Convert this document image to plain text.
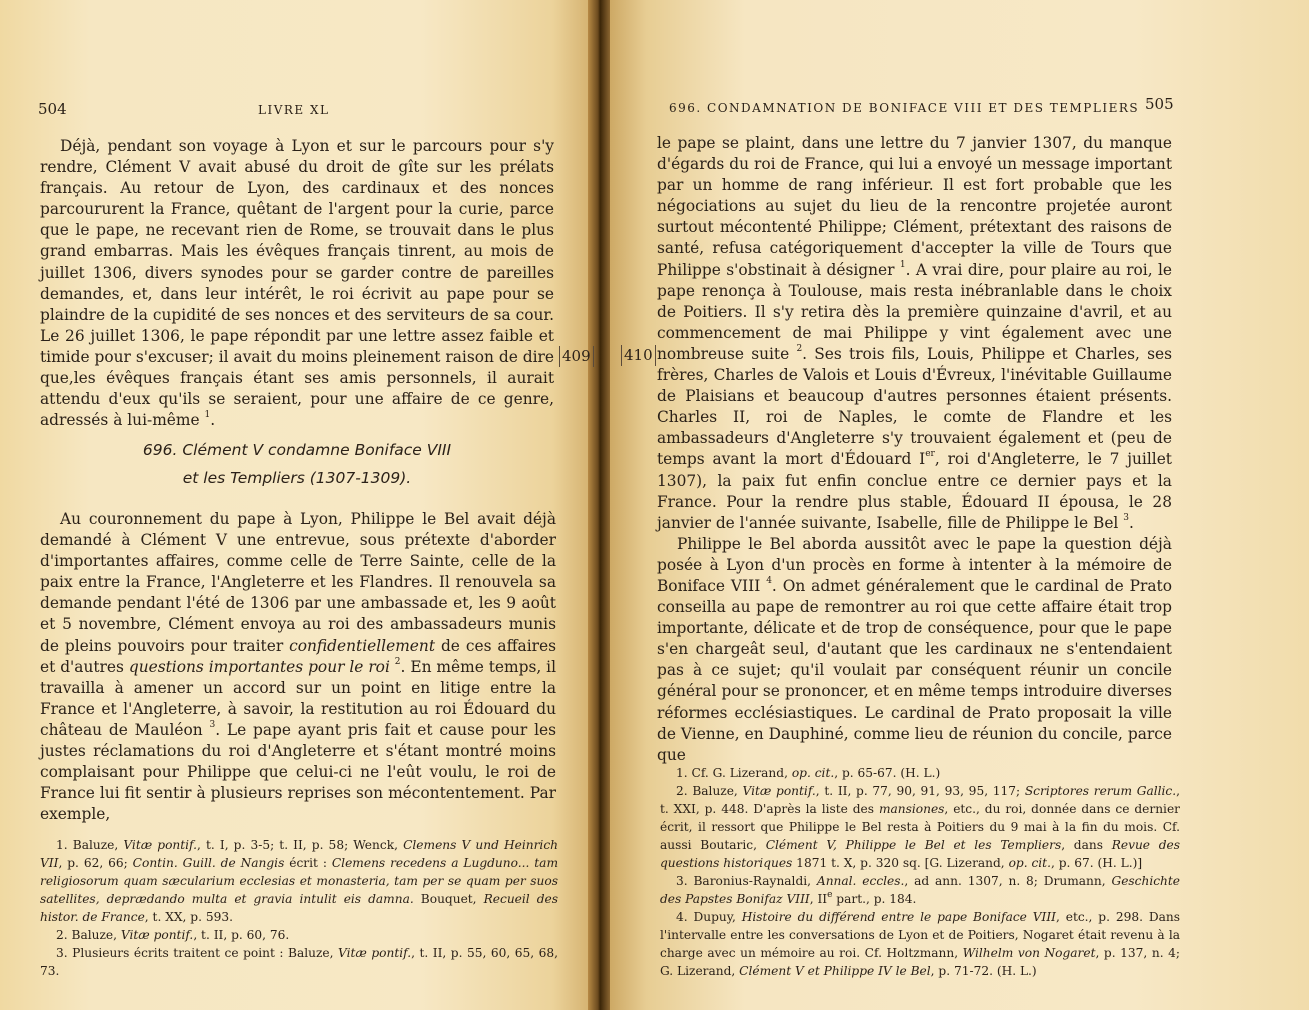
504	LIVRE XL

Déjà, pendant son voyage à Lyon et sur le parcours pour s'y rendre, Clément V avait abusé du droit de gîte sur les prélats français. Au retour de Lyon, des cardinaux et des nonces parcoururent la France, quêtant de l'argent pour la curie, parce que le pape, ne recevant rien de Rome, se trouvait dans le plus grand embarras. Mais les évêques français tinrent, au mois de juillet 1306, divers synodes pour se garder contre de pareilles demandes, et, dans leur intérêt, le roi écrivit au pape pour se plaindre de la cupidité de ses nonces et des serviteurs de sa cour. Le 26 juillet 1306, le pape répondit par une lettre assez faible et timide pour s'excuser; il avait du moins pleinement raison de dire que,les évêques français étant ses amis personnels, il aurait attendu d'eux qu'ils se seraient, pour une affaire de ce genre, adressés à lui-même $^1$.

409
696. Clément V condamne Boniface VIII
et les Templiers (1307-1309).

Au couronnement du pape à Lyon, Philippe le Bel avait déjà demandé à Clément V une entrevue, sous prétexte d'aborder d'importantes affaires, comme celle de Terre Sainte, celle de la paix entre la France, l'Angleterre et les Flandres. Il renouvela sa demande pendant l'été de 1306 par une ambassade et, les 9 août et 5 novembre, Clément envoya au roi des ambassadeurs munis de pleins pouvoirs pour traiter confidentiellement de ces affaires et d'autres questions importantes pour le roi $^2$. En même temps, il travailla à amener un accord sur un point en litige entre la France et l'Angleterre, à savoir, la restitution au roi Édouard du château de Mauléon $^3$. Le pape ayant pris fait et cause pour les justes réclamations du roi d'Angleterre et s'étant montré moins complaisant pour Philippe que celui-ci ne l'eût voulu, le roi de France lui fit sentir à plusieurs reprises son mécontentement. Par exemple,

1. Baluze, Vitæ pontif., t. I, p. 3-5; t. II, p. 58; Wenck, Clemens V und Heinrich VII, p. 62, 66; Contin. Guill. de Nangis écrit : Clemens recedens a Lugduno... tam religiosorum quam sæcularium ecclesias et monasteria, tam per se quam per suos satellites, deprædando multa et gravia intulit eis damna. Bouquet, Recueil des histor. de France, t. XX, p. 593.

2. Baluze, Vitæ pontif., t. II, p. 60, 76.

3. Plusieurs écrits traitent ce point : Baluze, Vitæ pontif., t. II, p. 55, 60, 65, 68, 73.

696. CONDAMNATION DE BONIFACE VIII ET DES TEMPLIERS 505
410

le pape se plaint, dans une lettre du 7 janvier 1307, du manque d'égards du roi de France, qui lui a envoyé un message important par un homme de rang inférieur. Il est fort probable que les négociations au sujet du lieu de la rencontre projetée auront surtout mécontenté Philippe; Clément, prétextant des raisons de santé, refusa catégoriquement d'accepter la ville de Tours que Philippe s'obstinait à désigner $^1$. A vrai dire, pour plaire au roi, le pape renonça à Toulouse, mais resta inébranlable dans le choix de Poitiers. Il s'y retira dès la première quinzaine d'avril, et au commencement de mai Philippe y vint également avec une nombreuse suite $^2$. Ses trois fils, Louis, Philippe et Charles, ses frères, Charles de Valois et Louis d'Évreux, l'inévitable Guillaume de Plaisians et beaucoup d'autres personnes étaient présents. Charles II, roi de Naples, le comte de Flandre et les ambassadeurs d'Angleterre s'y trouvaient également et (peu de temps avant la mort d'Édouard Ier, roi d'Angleterre, le 7 juillet 1307), la paix fut enfin conclue entre ce dernier pays et la France. Pour la rendre plus stable, Édouard II épousa, le 28 janvier de l'année suivante, Isabelle, fille de Philippe le Bel $^3$.

Philippe le Bel aborda aussitôt avec le pape la question déjà posée à Lyon d'un procès en forme à intenter à la mémoire de Boniface VIII $^4$. On admet généralement que le cardinal de Prato conseilla au pape de remontrer au roi que cette affaire était trop importante, délicate et de trop de conséquence, pour que le pape s'en chargeât seul, d'autant que les cardinaux ne s'entendaient pas à ce sujet; qu'il voulait par conséquent réunir un concile général pour se prononcer, et en même temps introduire diverses réformes ecclésiastiques. Le cardinal de Prato proposait la ville de Vienne, en Dauphiné, comme lieu de réunion du concile, parce que

1. Cf. G. Lizerand, op. cit., p. 65-67. (H. L.)

2. Baluze, Vitæ pontif., t. II, p. 77, 90, 91, 93, 95, 117; Scriptores rerum Gallic., t. XXI, p. 448. D'après la liste des mansiones, etc., du roi, donnée dans ce dernier écrit, il ressort que Philippe le Bel resta à Poitiers du 9 mai à la fin du mois. Cf. aussi Boutaric, Clément V, Philippe le Bel et les Templiers, dans Revue des questions historiques 1871 t. X, p. 320 sq. [G. Lizerand, op. cit., p. 67. (H. L.)]

3. Baronius-Raynaldi, Annal. eccles., ad ann. 1307, n. 8; Drumann, Geschichte des Papstes Bonifaz VIII, IIe part., p. 184.

4. Dupuy, Histoire du différend entre le pape Boniface VIII, etc., p. 298. Dans l'intervalle entre les conversations de Lyon et de Poitiers, Nogaret était revenu à la charge avec un mémoire au roi. Cf. Holtzmann, Wilhelm von Nogaret, p. 137, n. 4; G. Lizerand, Clément V et Philippe IV le Bel, p. 71-72. (H. L.)
